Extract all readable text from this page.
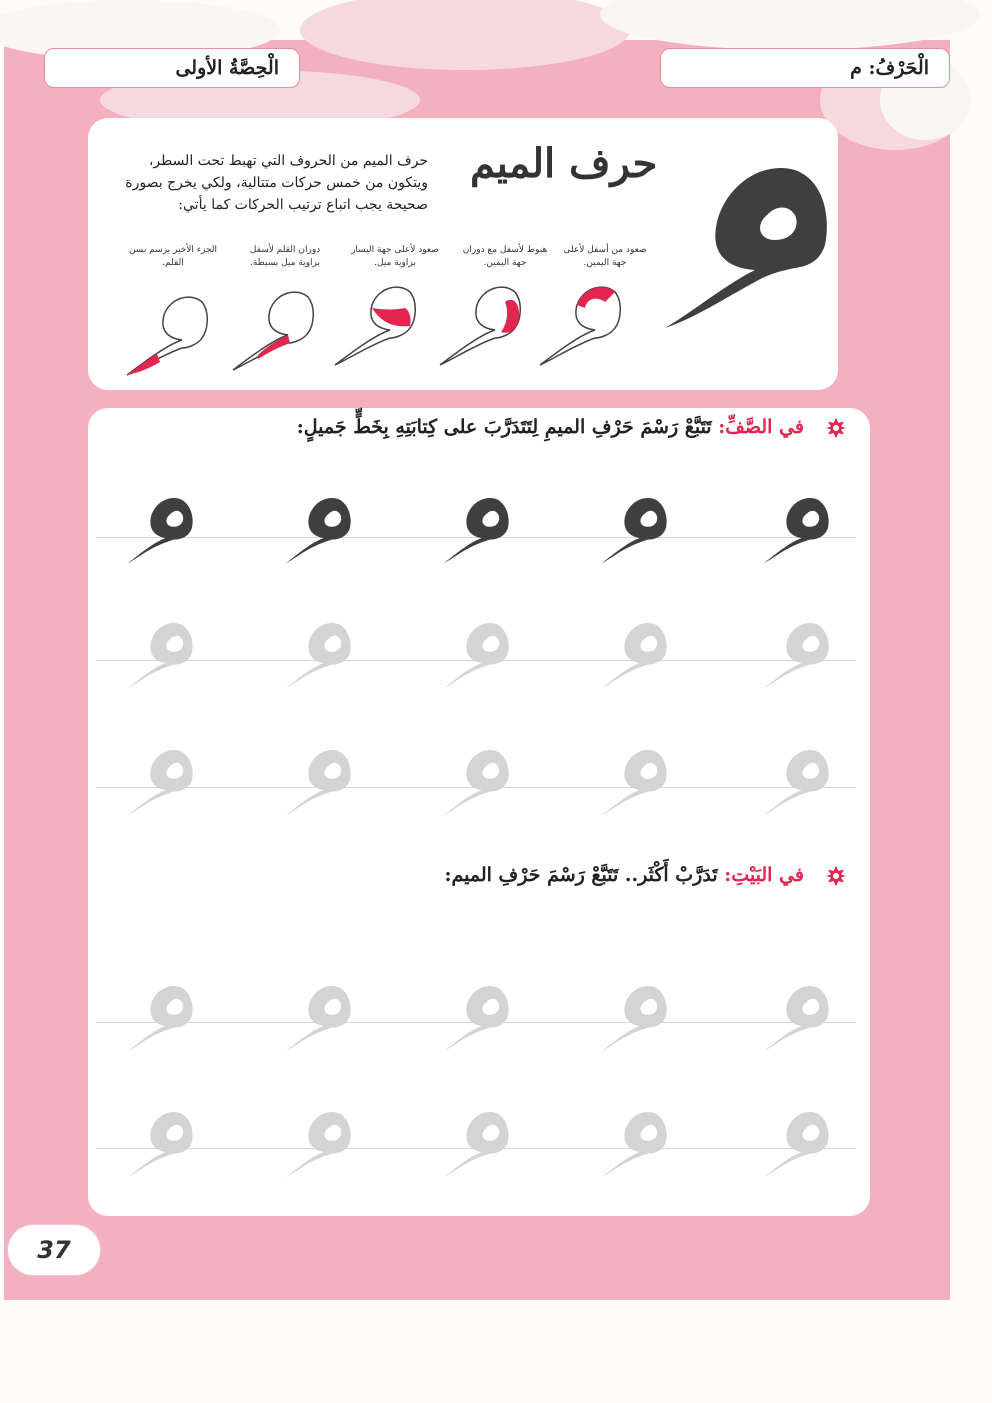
الْحَرْفُ: م
الْحِصَّةُ الأولى
حرف الميم
حرف الميم من الحروف التي تهبط تحت السطر، ويتكون من خمس حركات متتالية، ولكي يخرج بصورة صحيحة يجب اتباع ترتيب الحركات كما يأتي:
صعود من أسفل لأعلى جهة اليمين.
هبوط لأسفل مع دوران جهة اليمين.
صعود لأعلى جهة اليسار بزاوية ميل.
دوران القلم لأسفل بزاوية ميل بسيطة.
الجزء الأخير يرسم بسن القلم.
في الصَّفِّ: تَتَبَّعْ رَسْمَ حَرْفِ الميمِ لِتَتَدَرَّبَ على كِتابَتِهِ بِخَطٍّ جَميلٍ:
في البَيْتِ: تَدَرَّبْ أَكْثَر.. تَتَبَّعْ رَسْمَ حَرْفِ الميم:
37
